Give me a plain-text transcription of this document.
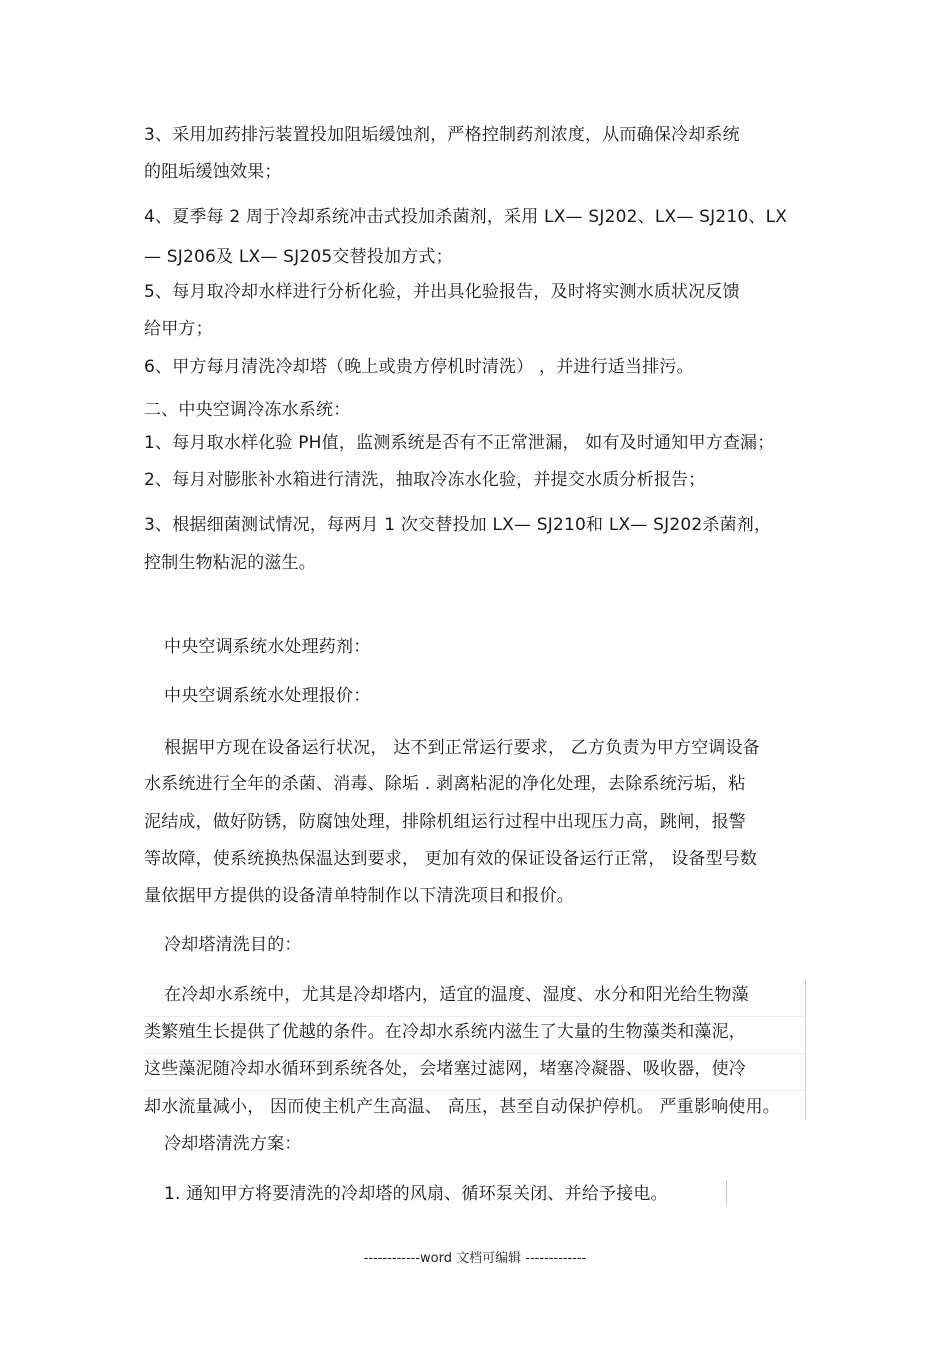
3、采用加药排污装置投加阻垢缓蚀剂，严格控制药剂浓度，从而确保冷却系统
的阻垢缓蚀效果；
4、夏季每 2 周于冷却系统冲击式投加杀菌剂，采用 LX— SJ202、LX— SJ210、LX
— SJ206及 LX— SJ205交替投加方式；
5、每月取冷却水样进行分析化验，并出具化验报告，及时将实测水质状况反馈
给甲方；
6、甲方每月清洗冷却塔（晚上或贵方停机时清洗） ，并进行适当排污。
二、中央空调冷冻水系统：
1、每月取水样化验 PH值，监测系统是否有不正常泄漏， 如有及时通知甲方查漏；
2、每月对膨胀补水箱进行清洗，抽取冷冻水化验，并提交水质分析报告；
3、根据细菌测试情况，每两月 1 次交替投加 LX— SJ210和 LX— SJ202杀菌剂，
控制生物粘泥的滋生。
中央空调系统水处理药剂：
中央空调系统水处理报价：
根据甲方现在设备运行状况， 达不到正常运行要求， 乙方负责为甲方空调设备
水系统进行全年的杀菌、消毒、除垢 . 剥离粘泥的净化处理，去除系统污垢，粘
泥结成，做好防锈，防腐蚀处理，排除机组运行过程中出现压力高，跳闸，报警
等故障，使系统换热保温达到要求， 更加有效的保证设备运行正常， 设备型号数
量依据甲方提供的设备清单特制作以下清洗项目和报价。
冷却塔清洗目的：
在冷却水系统中，尤其是冷却塔内，适宜的温度、湿度、水分和阳光给生物藻
类繁殖生长提供了优越的条件。在冷却水系统内滋生了大量的生物藻类和藻泥，
这些藻泥随冷却水循环到系统各处，会堵塞过滤网，堵塞冷凝器、吸收器，使冷
却水流量减小， 因而使主机产生高温、 高压，甚至自动保护停机。 严重影响使用。
冷却塔清洗方案：
1. 通知甲方将要清洗的冷却塔的风扇、循环泵关闭、并给予接电。
------------word 文档可编辑 -------------
